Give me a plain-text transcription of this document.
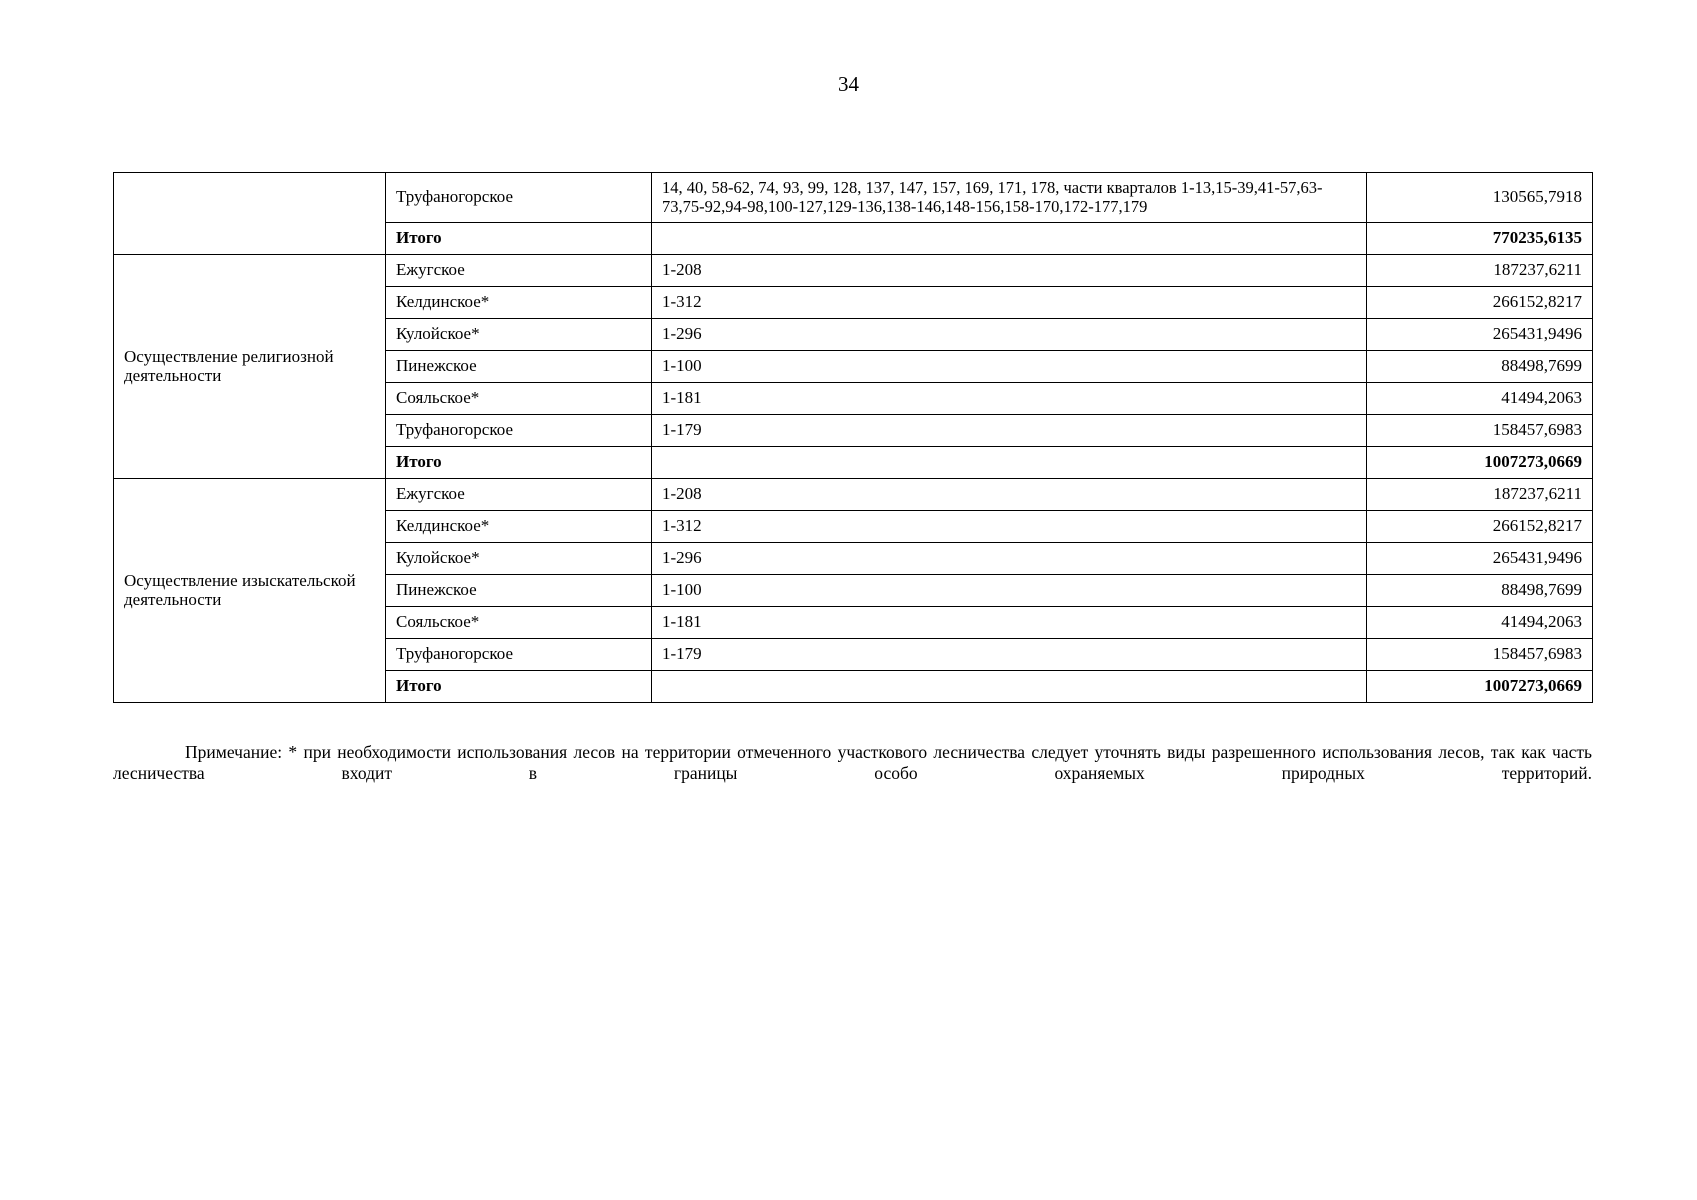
34
	Труфаногорское	14, 40, 58-62, 74, 93, 99, 128, 137, 147, 157, 169, 171, 178, части кварталов 1-13,15-39,41-57,63-73,75-92,94-98,100-127,129-136,138-146,148-156,158-170,172-177,179	130565,7918
	Итого		770235,6135
Осуществление религиозной деятельности	Ежугское	1-208	187237,6211
	Келдинское*	1-312	266152,8217
	Кулойское*	1-296	265431,9496
	Пинежское	1-100	88498,7699
	Сояльское*	1-181	41494,2063
	Труфаногорское	1-179	158457,6983
	Итого		1007273,0669
Осуществление изыскательской деятельности	Ежугское	1-208	187237,6211
	Келдинское*	1-312	266152,8217
	Кулойское*	1-296	265431,9496
	Пинежское	1-100	88498,7699
	Сояльское*	1-181	41494,2063
	Труфаногорское	1-179	158457,6983
	Итого		1007273,0669

Примечание: * при необходимости использования лесов на территории отмеченного участкового лесничества следует уточнять виды разрешенного использования лесов, так как часть лесничества входит в границы особо охраняемых природных территорий.
